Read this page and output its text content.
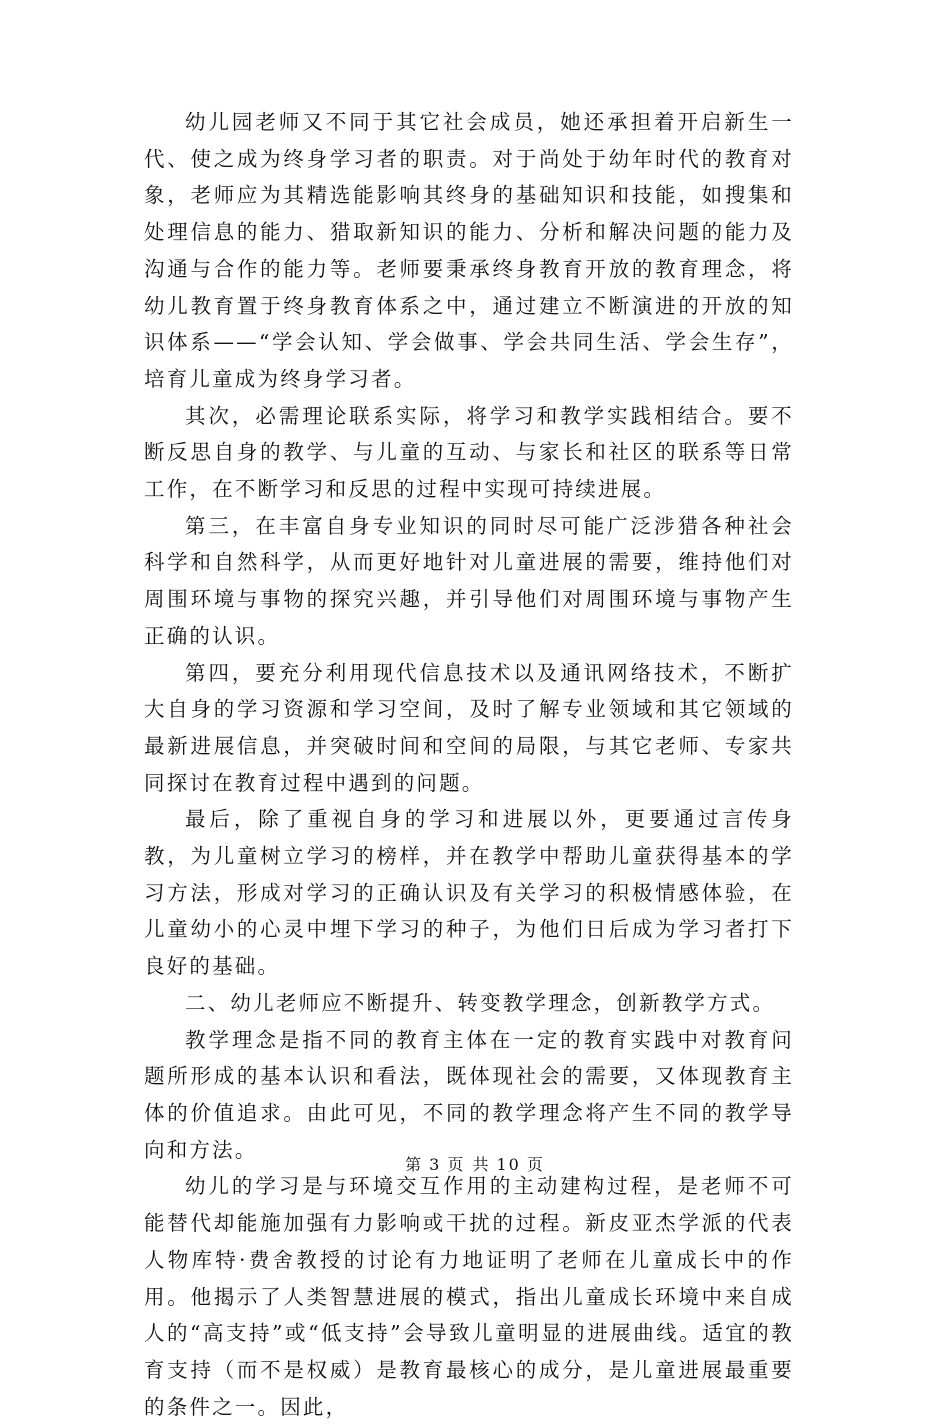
幼儿园老师又不同于其它社会成员，她还承担着开启新生一代、使之成为终身学习者的职责。对于尚处于幼年时代的教育对象，老师应为其精选能影响其终身的基础知识和技能，如搜集和处理信息的能力、猎取新知识的能力、分析和解决问题的能力及沟通与合作的能力等。老师要秉承终身教育开放的教育理念，将幼儿教育置于终身教育体系之中，通过建立不断演进的开放的知识体系——“学会认知、学会做事、学会共同生活、学会生存”，培育儿童成为终身学习者。

其次，必需理论联系实际，将学习和教学实践相结合。要不断反思自身的教学、与儿童的互动、与家长和社区的联系等日常工作，在不断学习和反思的过程中实现可持续进展。

第三，在丰富自身专业知识的同时尽可能广泛涉猎各种社会科学和自然科学，从而更好地针对儿童进展的需要，维持他们对周围环境与事物的探究兴趣，并引导他们对周围环境与事物产生正确的认识。

第四，要充分利用现代信息技术以及通讯网络技术，不断扩大自身的学习资源和学习空间，及时了解专业领域和其它领域的最新进展信息，并突破时间和空间的局限，与其它老师、专家共同探讨在教育过程中遇到的问题。

最后，除了重视自身的学习和进展以外，更要通过言传身教，为儿童树立学习的榜样，并在教学中帮助儿童获得基本的学习方法，形成对学习的正确认识及有关学习的积极情感体验，在儿童幼小的心灵中埋下学习的种子，为他们日后成为学习者打下良好的基础。

二、幼儿老师应不断提升、转变教学理念，创新教学方式。

教学理念是指不同的教育主体在一定的教育实践中对教育问题所形成的基本认识和看法，既体现社会的需要，又体现教育主体的价值追求。由此可见，不同的教学理念将产生不同的教学导向和方法。

幼儿的学习是与环境交互作用的主动建构过程，是老师不可能替代却能施加强有力影响或干扰的过程。新皮亚杰学派的代表人物库特·费舍教授的讨论有力地证明了老师在儿童成长中的作用。他揭示了人类智慧进展的模式，指出儿童成长环境中来自成人的“高支持”或“低支持”会导致儿童明显的进展曲线。适宜的教育支持（而不是权威）是教育最核心的成分，是儿童进展最重要的条件之一。因此，

第 3 页 共 10 页
